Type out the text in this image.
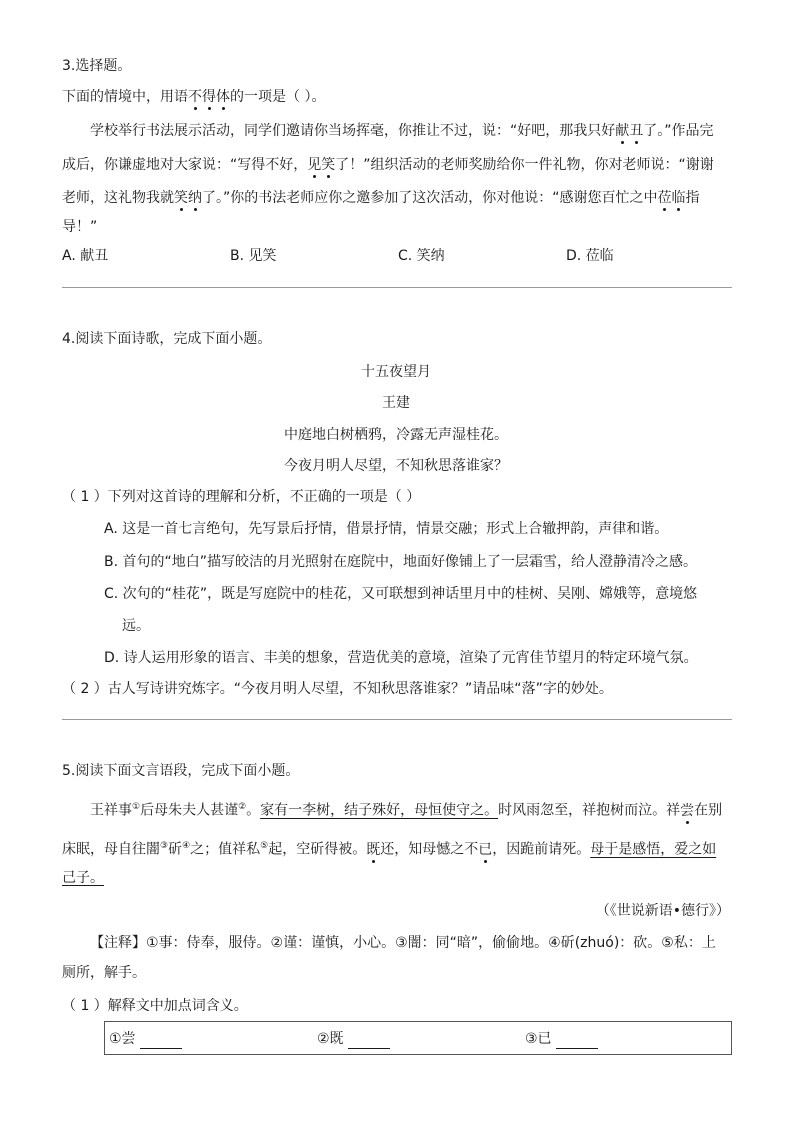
3.选择题。
下面的情境中，用语不得体的一项是（ ）。
学校举行书法展示活动，同学们邀请你当场挥毫，你推让不过，说：“好吧，那我只好献丑了。”作品完
成后，你谦虚地对大家说：“写得不好，见笑了！”组织活动的老师奖励给你一件礼物，你对老师说：“谢谢
老师，这礼物我就笑纳了。”你的书法老师应你之邀参加了这次活动，你对他说：“感谢您百忙之中莅临指
导！”
A. 献丑	B. 见笑	C. 笑纳	D. 莅临
4.阅读下面诗歌，完成下面小题。
十五夜望月
王建
中庭地白树栖鸦，冷露无声湿桂花。
今夜月明人尽望，不知秋思落谁家？
（ 1 ）下列对这首诗的理解和分析，不正确的一项是（ ）
A. 这是一首七言绝句，先写景后抒情，借景抒情，情景交融；形式上合辙押韵，声律和谐。
B. 首句的“地白”描写皎洁的月光照射在庭院中，地面好像铺上了一层霜雪，给人澄静清冷之感。
C. 次句的“桂花”，既是写庭院中的桂花，又可联想到神话里月中的桂树、吴刚、嫦娥等，意境悠
远。
D. 诗人运用形象的语言、丰美的想象，营造优美的意境，渲染了元宵佳节望月的特定环境气氛。
（ 2 ）古人写诗讲究炼字。“今夜月明人尽望，不知秋思落谁家？”请品味“落”字的妙处。
5.阅读下面文言语段，完成下面小题。
王祥事①后母朱夫人甚谨②。家有一李树，结子殊好，母恒使守之。时风雨忽至，祥抱树而泣。祥尝在别
床眠，母自往闇③斫④之；值祥私⑤起，空斫得被。既还，知母憾之不已，因跪前请死。母于是感悟，爱之如
己子。
（《世说新语•德行》）
【注释】①事：侍奉，服侍。②谨：谨慎，小心。③闇：同“暗”，偷偷地。④斫(zhuó)：砍。⑤私：上
厕所，解手。
（ 1 ）解释文中加点词含义。
①尝	②既	③已
